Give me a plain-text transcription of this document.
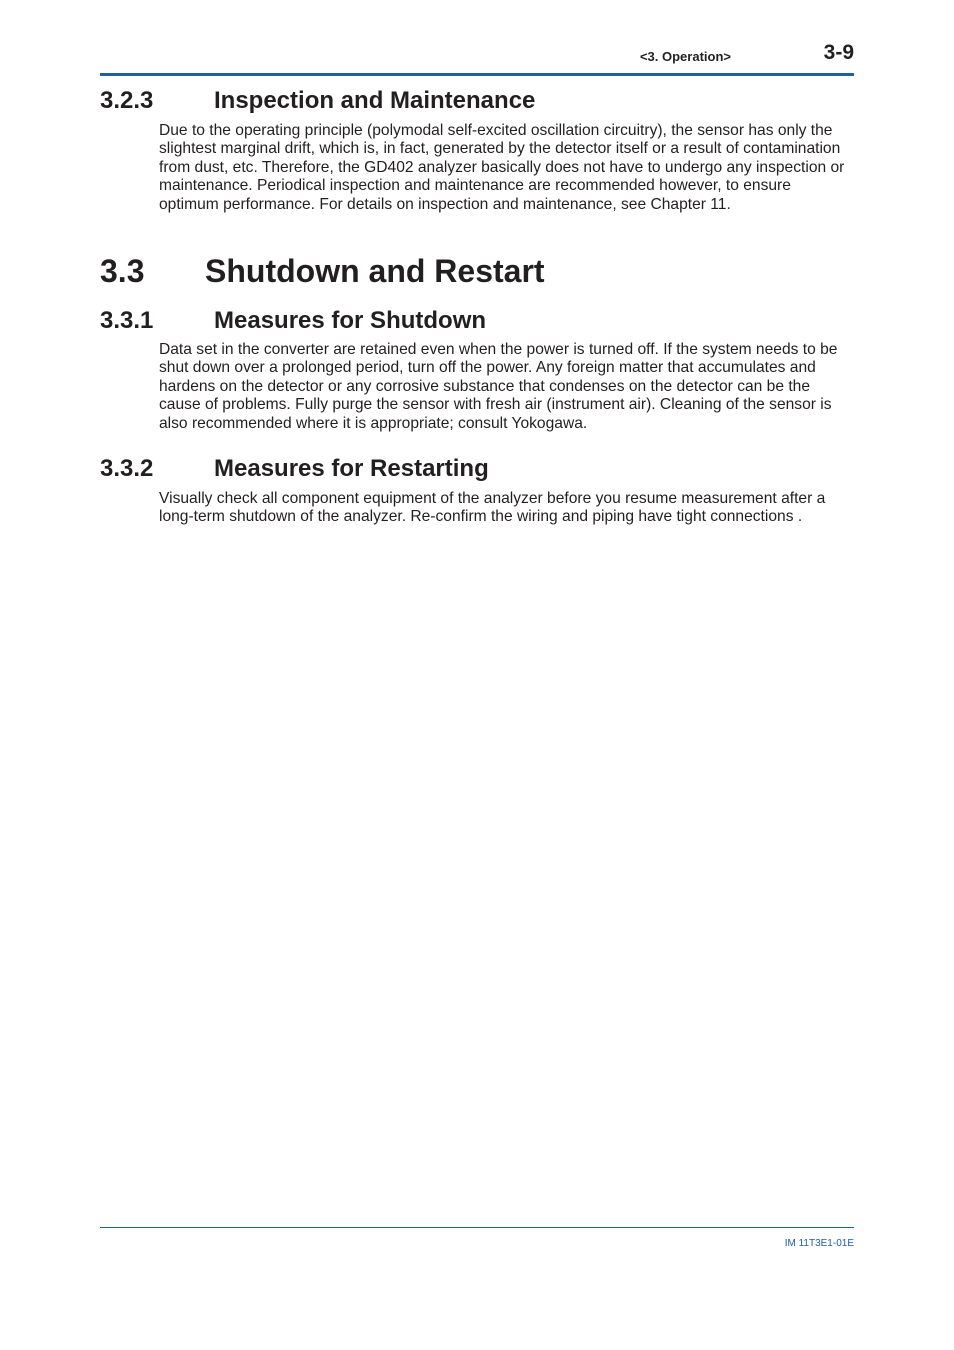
<3. Operation>	3-9
3.2.3	Inspection and Maintenance

Due to the operating principle (polymodal self-excited oscillation circuitry), the sensor has only the slightest marginal drift, which is, in fact, generated by the detector itself or a result of contamination from dust, etc. Therefore, the GD402 analyzer basically does not have to undergo any inspection or maintenance. Periodical inspection and maintenance are recommended however, to ensure optimum performance. For details on inspection and maintenance, see Chapter 11.

3.3 Shutdown and Restart
3.3.1	Measures for Shutdown

Data set in the converter are retained even when the power is turned off. If the system needs to be shut down over a prolonged period, turn off the power. Any foreign matter that accumulates and hardens on the detector or any corrosive substance that condenses on the detector can be the cause of problems. Fully purge the sensor with fresh air (instrument air). Cleaning of the sensor is also recommended where it is appropriate; consult Yokogawa.

3.3.2	Measures for Restarting

Visually check all component equipment of the analyzer before you resume measurement after a long-term shutdown of the analyzer. Re-confirm the wiring and piping have tight connections .

IM 11T3E1-01E
